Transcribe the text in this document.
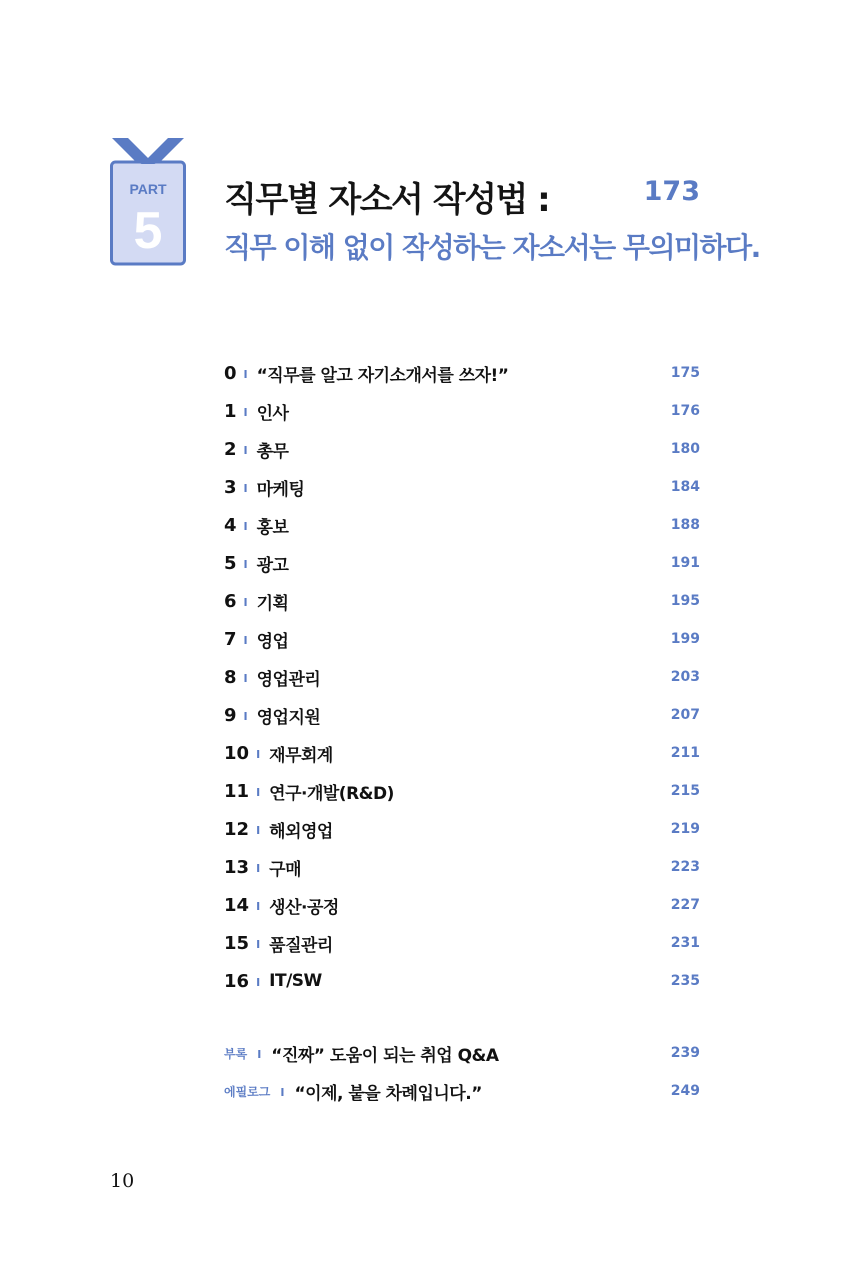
PART
5
직무별 자소서 작성법 :	173
직무 이해 없이 작성하는 자소서는 무의미하다.
0 I “직무를 알고 자기소개서를 쓰자!”	175
1 I 인사	176
2 I 총무	180
3 I 마케팅	184
4 I 홍보	188
5 I 광고	191
6 I 기획	195
7 I 영업	199
8 I 영업관리	203
9 I 영업지원	207
10 I 재무회계	211
11 I 연구·개발(R&D)	215
12 I 해외영업	219
13 I 구매	223
14 I 생산·공정	227
15 I 품질관리	231
16 I IT/SW	235
부록 I “진짜” 도움이 되는 취업 Q&A	239
에필로그 I “이제, 붙을 차례입니다.”	249
10
